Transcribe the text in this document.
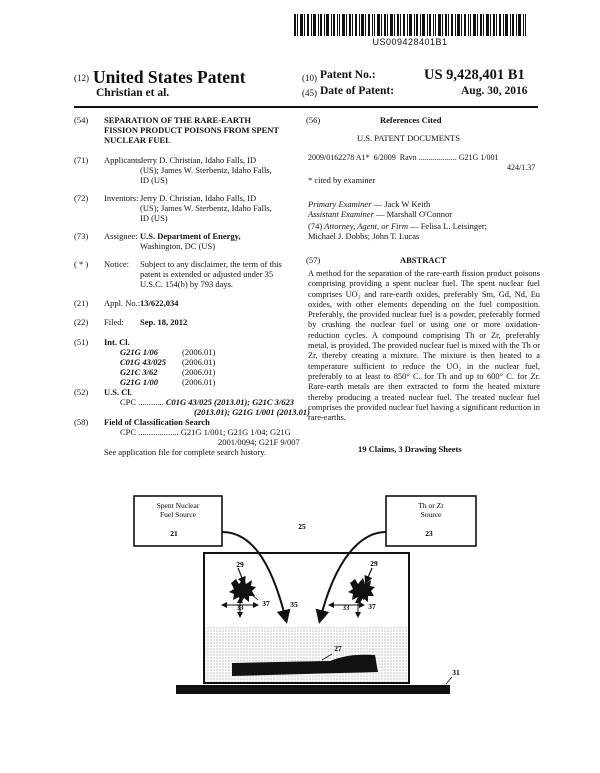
US009428401B1
(12) United States Patent
Christian et al.
(10) Patent No.:	US 9,428,401 B1
(45) Date of Patent:	Aug. 30, 2016
(54) SEPARATION OF THE RARE-EARTH
FISSION PRODUCT POISONS FROM SPENT
NUCLEAR FUEL
(71) Applicants:
Jerry D. Christian, Idaho Falls, ID
(US); James W. Sterbentz, Idaho Falls,
ID (US)
(72) Inventors: Jerry D. Christian, Idaho Falls, ID
(US); James W. Sterbentz, Idaho Falls,
ID (US)
(73) Assignee: U.S. Department of Energy,
Washington, DC (US)
( * ) Notice: Subject to any disclaimer, the term of this
patent is extended or adjusted under 35
U.S.C. 154(b) by 793 days.
(21) Appl. No.: 13/622,034
(22) Filed: Sep. 18, 2012
(51) Int. Cl.
G21G 1/06	(2006.01)
C01G 43/025 (2006.01)
G21C 3/62	(2006.01)
G21G 1/00	(2006.01)
(52) U.S. Cl.
CPC ............ C01G 43/025 (2013.01); G21C 3/623
(2013.01); G21G 1/001 (2013.01)
(58) Field of Classification Search
CPC ................... G21G 1/001; G21G 1/04; G21G
2001/0094; G21F 9/007
See application file for complete search history.
(56)	References Cited
U.S. PATENT DOCUMENTS
2009/0162278 A1* 6/2009 Ravn ................... G21G 1/001
424/1.37
* cited by examiner
Primary Examiner — Jack W Keith
Assistant Examiner — Marshall O'Connor
(74) Attorney, Agent, or Firm — Felisa L. Leisinger;
Michael J. Dobbs; John T. Lucas
(57)	ABSTRACT
A method for the separation of the rare-earth fission product poisons comprising providing a spent nuclear fuel. The spent nuclear fuel comprises UO₂ and rare-earth oxides, preferably Sm, Gd, Nd, Eu oxides, with other elements depending on the fuel composition. Preferably, the provided nuclear fuel is a powder, preferably formed by crushing the nuclear fuel or using one or more oxidation-reduction cycles. A compound comprising Th or Zr, preferably metal, is provided. The provided nuclear fuel is mixed with the Th or Zr, thereby creating a mixture. The mixture is then heated to a temperature sufficient to reduce the UO₂ in the nuclear fuel, preferably to at least to 850° C. for Th and up to 600° C. for Zr. Rare-earth metals are then extracted to form the heated mixture thereby producing a treated nuclear fuel. The treated nuclear fuel comprises the provided nuclear fuel having a significant reduction in rare-earths.
19 Claims, 3 Drawing Sheets
Spent Nuclear
Fuel Source
21
Th or Zr
Source
23
25
29	29
37	37
33	33
35
27
31
